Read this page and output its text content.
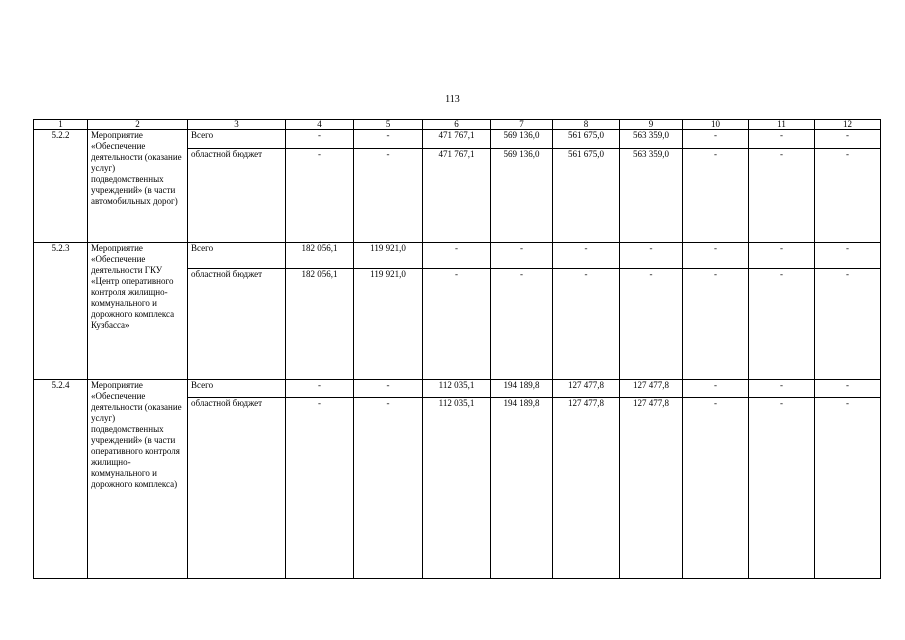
113
1	2	3	4	5	6	7	8	9	10	11	12
5.2.2	Мероприятие «Обеспечение деятельности (оказание услуг) подведомственных учреждений» (в части автомобильных дорог)	Всего	-	-	471 767,1	569 136,0	561 675,0	563 359,0	-	-	-
		областной бюджет	-	-	471 767,1	569 136,0	561 675,0	563 359,0	-	-	-
5.2.3	Мероприятие «Обеспечение деятельности ГКУ «Центр оперативного контроля жилищно-коммунального и дорожного комплекса Кузбасса»	Всего	182 056,1	119 921,0	-	-	-	-	-	-	-
		областной бюджет	182 056,1	119 921,0	-	-	-	-	-	-	-
5.2.4	Мероприятие «Обеспечение деятельности (оказание услуг) подведомственных учреждений» (в части оперативного контроля жилищно-коммунального и дорожного комплекса)	Всего	-	-	112 035,1	194 189,8	127 477,8	127 477,8	-	-	-
		областной бюджет	-	-	112 035,1	194 189,8	127 477,8	127 477,8	-	-	-
